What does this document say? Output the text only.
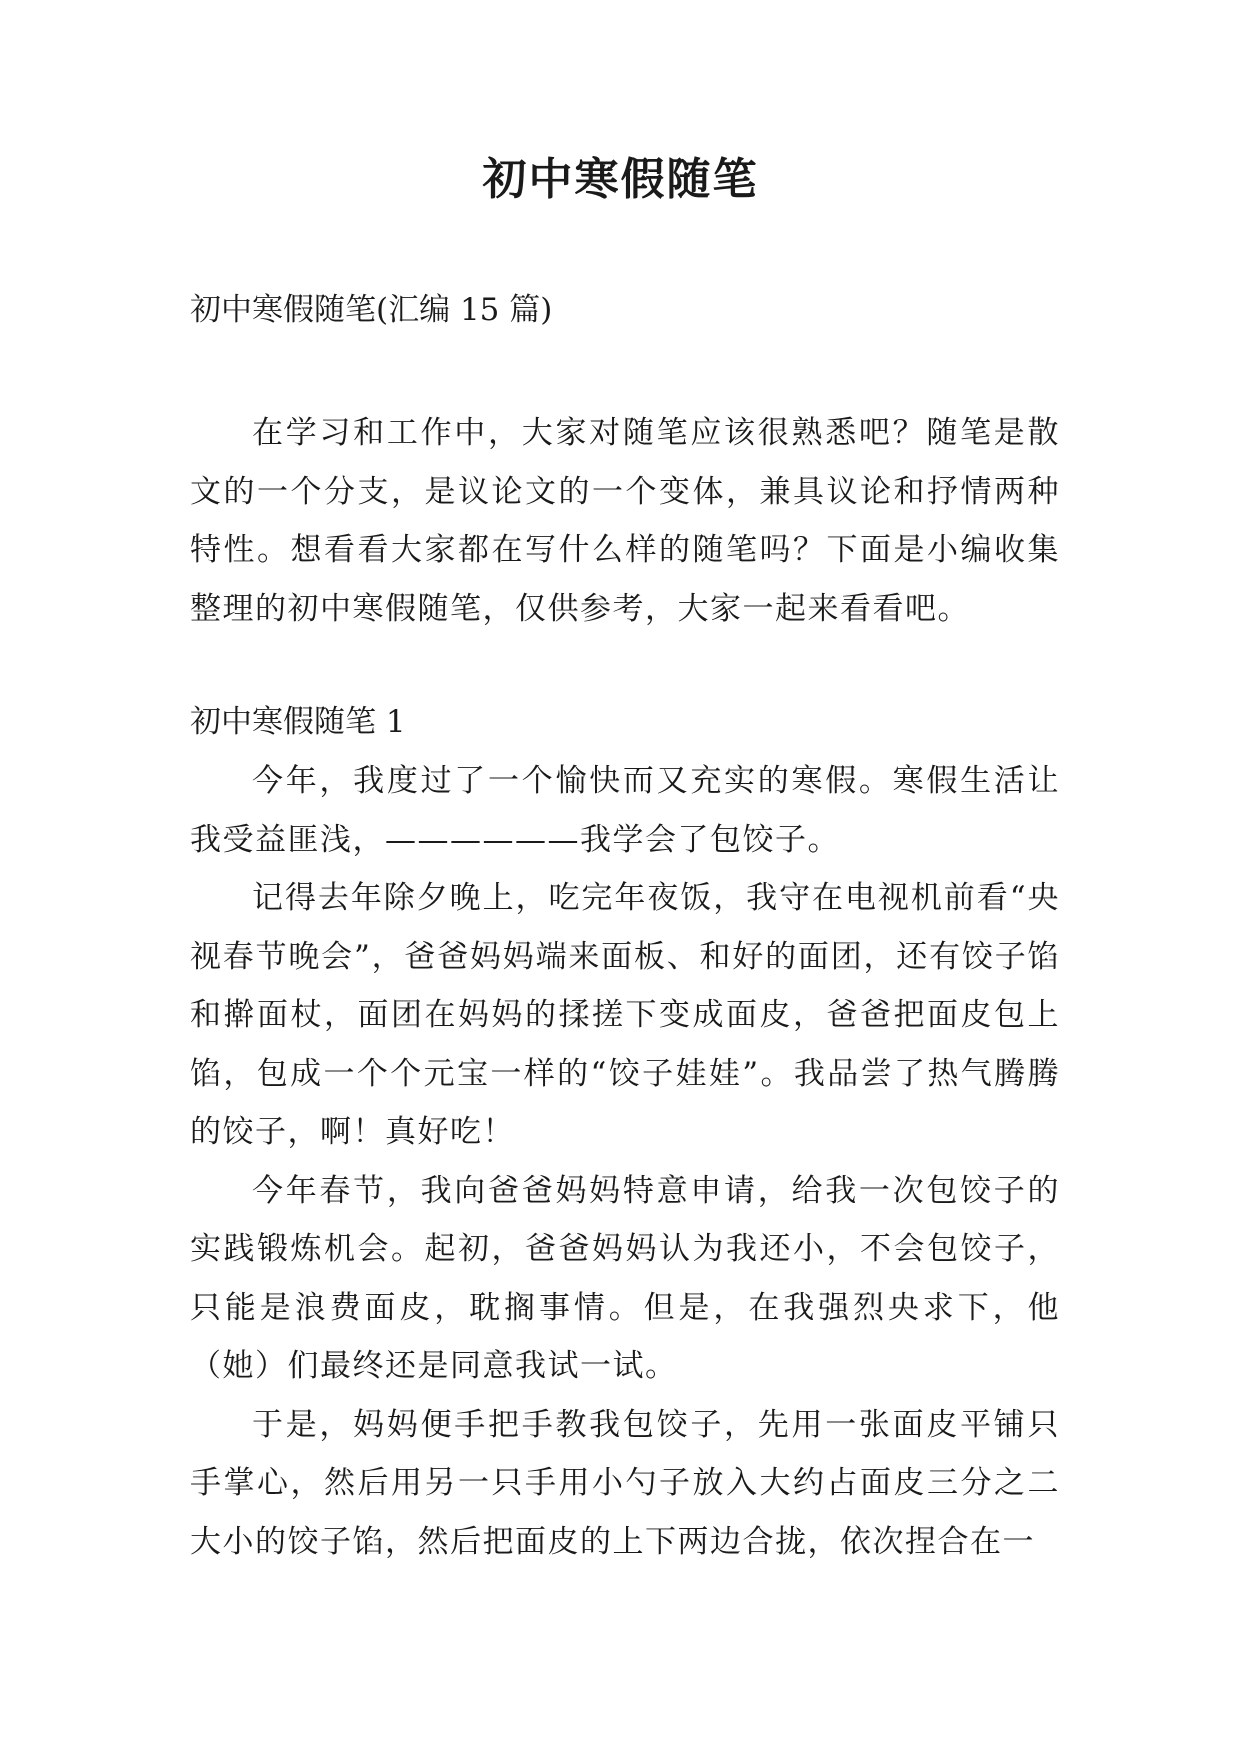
初中寒假随笔
初中寒假随笔(汇编 15 篇)

在学习和工作中，大家对随笔应该很熟悉吧？随笔是散文的一个分支，是议论文的一个变体，兼具议论和抒情两种特性。想看看大家都在写什么样的随笔吗？下面是小编收集整理的初中寒假随笔，仅供参考，大家一起来看看吧。

初中寒假随笔 1

今年，我度过了一个愉快而又充实的寒假。寒假生活让我受益匪浅，——————我学会了包饺子。

记得去年除夕晚上，吃完年夜饭，我守在电视机前看“央视春节晚会”，爸爸妈妈端来面板、和好的面团，还有饺子馅和擀面杖，面团在妈妈的揉搓下变成面皮，爸爸把面皮包上馅，包成一个个元宝一样的“饺子娃娃”。我品尝了热气腾腾的饺子，啊！真好吃！

今年春节，我向爸爸妈妈特意申请，给我一次包饺子的实践锻炼机会。起初，爸爸妈妈认为我还小，不会包饺子，只能是浪费面皮，耽搁事情。但是，在我强烈央求下，他（她）们最终还是同意我试一试。

于是，妈妈便手把手教我包饺子，先用一张面皮平铺只手掌心，然后用另一只手用小勺子放入大约占面皮三分之二大小的饺子馅，然后把面皮的上下两边合拢，依次捏合在一
